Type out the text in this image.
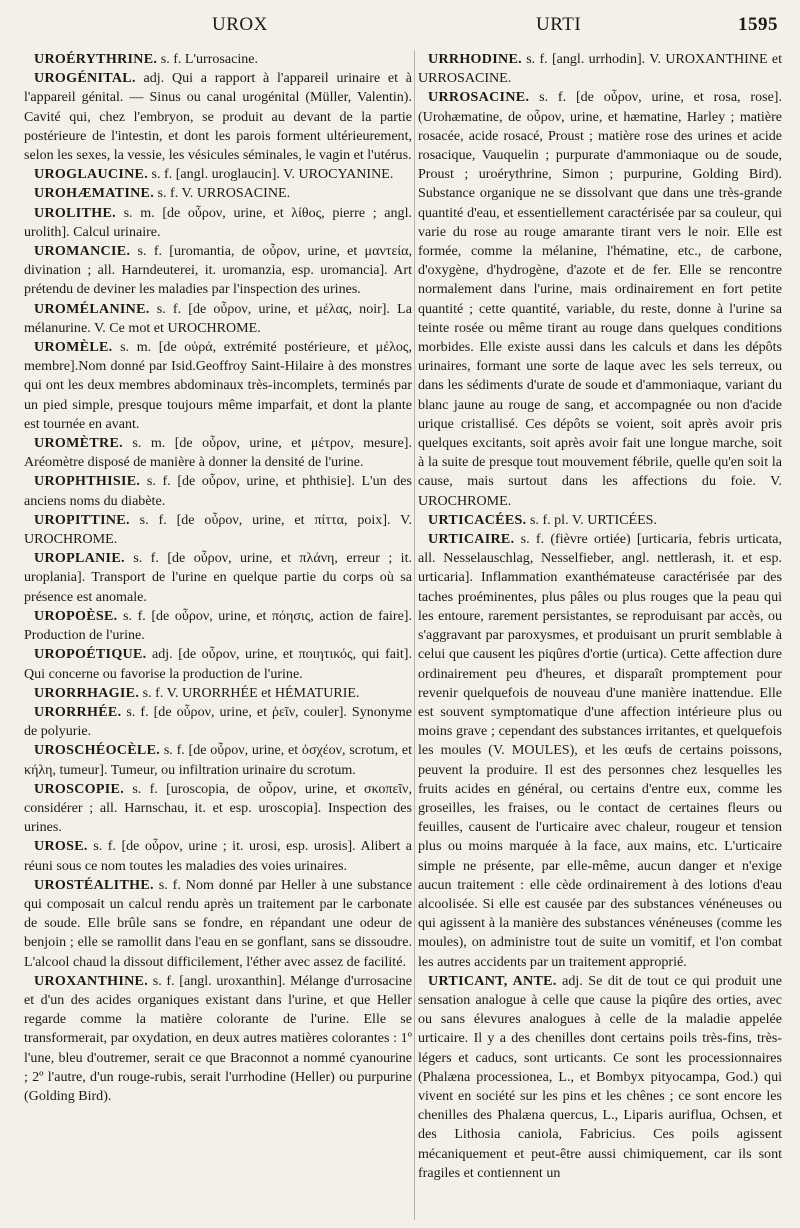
UROX	URTI	1595

UROÉRYTHRINE. s. f. L'urrosacine.

UROGÉNITAL. adj. Qui a rapport à l'appareil urinaire et à l'appareil génital. — Sinus ou canal urogénital (Müller, Valentin). Cavité qui, chez l'embryon, se produit au devant de la partie postérieure de l'intestin, et dont les parois forment ultérieurement, selon les sexes, la vessie, les vésicules séminales, le vagin et l'utérus.

UROGLAUCINE. s. f. [angl. uroglaucin]. V. UROCYANINE.

UROHÆMATINE. s. f. V. URROSACINE.

UROLITHE. s. m. [de οὖρον, urine, et λίθος, pierre ; angl. urolith]. Calcul urinaire.

UROMANCIE. s. f. [uromantia, de οὖρον, urine, et μαντεία, divination ; all. Harndeuterei, it. uromanzia, esp. uromancia]. Art prétendu de deviner les maladies par l'inspection des urines.

UROMÉLANINE. s. f. [de οὖρον, urine, et μέλας, noir]. La mélanurine. V. Ce mot et UROCHROME.

UROMÈLE. s. m. [de οὐρά, extrémité postérieure, et μέλος, membre].Nom donné par Isid.Geoffroy Saint-Hilaire à des monstres qui ont les deux membres abdominaux très-incomplets, terminés par un pied simple, presque toujours même imparfait, et dont la plante est tournée en avant.

UROMÈTRE. s. m. [de οὖρον, urine, et μέτρον, mesure]. Aréomètre disposé de manière à donner la densité de l'urine.

UROPHTHISIE. s. f. [de οὖρον, urine, et phthisie]. L'un des anciens noms du diabète.

UROPITTINE. s. f. [de οὖρον, urine, et πίττα, poix]. V. UROCHROME.

UROPLANIE. s. f. [de οὖρον, urine, et πλάνη, erreur ; it. uroplania]. Transport de l'urine en quelque partie du corps où sa présence est anomale.

UROPOÈSE. s. f. [de οὖρον, urine, et πόησις, action de faire]. Production de l'urine.

UROPOÉTIQUE. adj. [de οὖρον, urine, et ποιητικός, qui fait]. Qui concerne ou favorise la production de l'urine.

URORRHAGIE. s. f. V. URORRHÉE et HÉMATURIE.

URORRHÉE. s. f. [de οὖρον, urine, et ῥεῖν, couler]. Synonyme de polyurie.

UROSCHÉOCÈLE. s. f. [de οὖρον, urine, et ὀσχέον, scrotum, et κήλη, tumeur]. Tumeur, ou infiltration urinaire du scrotum.

UROSCOPIE. s. f. [uroscopia, de οὖρον, urine, et σκοπεῖν, considérer ; all. Harnschau, it. et esp. uroscopia]. Inspection des urines.

UROSE. s. f. [de οὖρον, urine ; it. urosi, esp. urosis]. Alibert a réuni sous ce nom toutes les maladies des voies urinaires.

UROSTÉALITHE. s. f. Nom donné par Heller à une substance qui composait un calcul rendu après un traitement par le carbonate de soude. Elle brûle sans se fondre, en répandant une odeur de benjoin ; elle se ramollit dans l'eau en se gonflant, sans se dissoudre. L'alcool chaud la dissout difficilement, l'éther avec assez de facilité.

UROXANTHINE. s. f. [angl. uroxanthin]. Mélange d'urrosacine et d'un des acides organiques existant dans l'urine, et que Heller regarde comme la matière colorante de l'urine. Elle se transformerait, par oxydation, en deux autres matières colorantes : 1º l'une, bleu d'outremer, serait ce que Braconnot a nommé cyanourine ; 2º l'autre, d'un rouge-rubis, serait l'urrhodine (Heller) ou purpurine (Golding Bird).

URRHODINE. s. f. [angl. urrhodin]. V. UROXANTHINE et URROSACINE.

URROSACINE. s. f. [de οὖρον, urine, et rosa, rose]. (Urohæmatine, de οὖρον, urine, et hæmatine, Harley ; matière rosacée, acide rosacé, Proust ; matière rose des urines et acide rosacique, Vauquelin ; purpurate d'ammoniaque ou de soude, Proust ; uroérythrine, Simon ; purpurine, Golding Bird). Substance organique ne se dissolvant que dans une très-grande quantité d'eau, et essentiellement caractérisée par sa couleur, qui varie du rose au rouge amarante tirant vers le noir. Elle est formée, comme la mélanine, l'hématine, etc., de carbone, d'oxygène, d'hydrogène, d'azote et de fer. Elle se rencontre normalement dans l'urine, mais ordinairement en fort petite quantité ; cette quantité, variable, du reste, donne à l'urine sa teinte rosée ou même tirant au rouge dans quelques conditions morbides. Elle existe aussi dans les calculs et dans les dépôts urinaires, formant une sorte de laque avec les sels terreux, ou dans les sédiments d'urate de soude et d'ammoniaque, variant du blanc jaune au rouge de sang, et accompagnée ou non d'acide urique cristallisé. Ces dépôts se voient, soit après avoir pris quelques excitants, soit après avoir fait une longue marche, soit à la suite de presque tout mouvement fébrile, quelle qu'en soit la cause, mais surtout dans les affections du foie. V. UROCHROME.

URTICACÉES. s. f. pl. V. URTICÉES.

URTICAIRE. s. f. (fièvre ortiée) [urticaria, febris urticata, all. Nesselauschlag, Nesselfieber, angl. nettlerash, it. et esp. urticaria]. Inflammation exanthémateuse caractérisée par des taches proéminentes, plus pâles ou plus rouges que la peau qui les entoure, rarement persistantes, se reproduisant par accès, ou s'aggravant par paroxysmes, et produisant un prurit semblable à celui que causent les piqûres d'ortie (urtica). Cette affection dure ordinairement peu d'heures, et disparaît promptement pour revenir quelquefois de nouveau d'une manière inattendue. Elle est souvent symptomatique d'une affection intérieure plus ou moins grave ; cependant des substances irritantes, et quelquefois les moules (V. MOULES), et les œufs de certains poissons, peuvent la produire. Il est des personnes chez lesquelles les fruits acides en général, ou certains d'entre eux, comme les groseilles, les fraises, ou le contact de certaines fleurs ou feuilles, causent de l'urticaire avec chaleur, rougeur et tension plus ou moins marquée à la face, aux mains, etc. L'urticaire simple ne présente, par elle-même, aucun danger et n'exige aucun traitement : elle cède ordinairement à des lotions d'eau alcoolisée. Si elle est causée par des substances vénéneuses ou qui agissent à la manière des substances vénéneuses (comme les moules), on administre tout de suite un vomitif, et l'on combat les autres accidents par un traitement approprié.

URTICANT, ANTE. adj. Se dit de tout ce qui produit une sensation analogue à celle que cause la piqûre des orties, avec ou sans élevures analogues à celle de la maladie appelée urticaire. Il y a des chenilles dont certains poils très-fins, très-légers et caducs, sont urticants. Ce sont les processionnaires (Phalæna processionea, L., et Bombyx pityocampa, God.) qui vivent en société sur les pins et les chênes ; ce sont encore les chenilles des Phalæna quercus, L., Liparis auriflua, Ochsen, et des Lithosia caniola, Fabricius. Ces poils agissent mécaniquement et peut-être aussi chimiquement, car ils sont fragiles et contiennent un
